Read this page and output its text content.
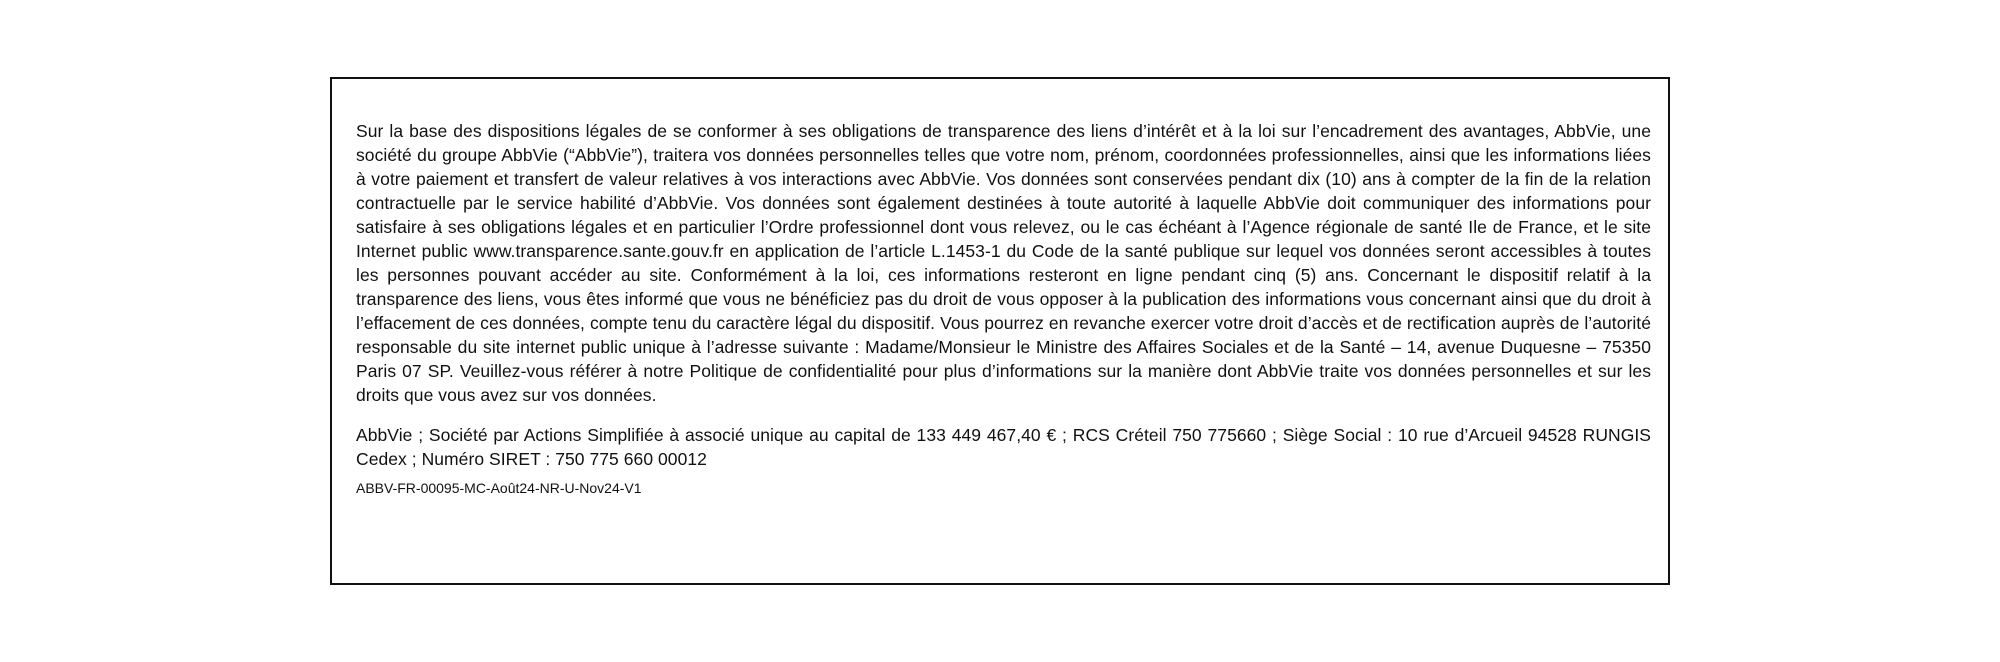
Sur la base des dispositions légales de se conformer à ses obligations de transparence des liens d’intérêt et à la loi sur l’encadrement des avantages, AbbVie, une société du groupe AbbVie (“AbbVie”), traitera vos données personnelles telles que votre nom, prénom, coordonnées professionnelles, ainsi que les informations liées à votre paiement et transfert de valeur relatives à vos interactions avec AbbVie. Vos données sont conservées pendant dix (10) ans à compter de la fin de la relation contractuelle par le service habilité d’AbbVie. Vos données sont également destinées à toute autorité à laquelle AbbVie doit communiquer des informations pour satisfaire à ses obligations légales et en particulier l’Ordre professionnel dont vous relevez, ou le cas échéant à l’Agence régionale de santé Ile de France, et le site Internet public www.transparence.sante.gouv.fr en application de l’article L.1453-1 du Code de la santé publique sur lequel vos données seront accessibles à toutes les personnes pouvant accéder au site. Conformément à la loi, ces informations resteront en ligne pendant cinq (5) ans. Concernant le dispositif relatif à la transparence des liens, vous êtes informé que vous ne bénéficiez pas du droit de vous opposer à la publication des informations vous concernant ainsi que du droit à l’effacement de ces données, compte tenu du caractère légal du dispositif. Vous pourrez en revanche exercer votre droit d’accès et de rectification auprès de l’autorité responsable du site internet public unique à l’adresse suivante : Madame/Monsieur le Ministre des Affaires Sociales et de la Santé – 14, avenue Duquesne – 75350 Paris 07 SP. Veuillez-vous référer à notre Politique de confidentialité pour plus d’informations sur la manière dont AbbVie traite vos données personnelles et sur les droits que vous avez sur vos données.

AbbVie ; Société par Actions Simplifiée à associé unique au capital de 133 449 467,40 € ; RCS Créteil 750 775660 ; Siège Social : 10 rue d’Arcueil 94528 RUNGIS Cedex ; Numéro SIRET : 750 775 660 00012

ABBV-FR-00095-MC-Août24-NR-U-Nov24-V1
